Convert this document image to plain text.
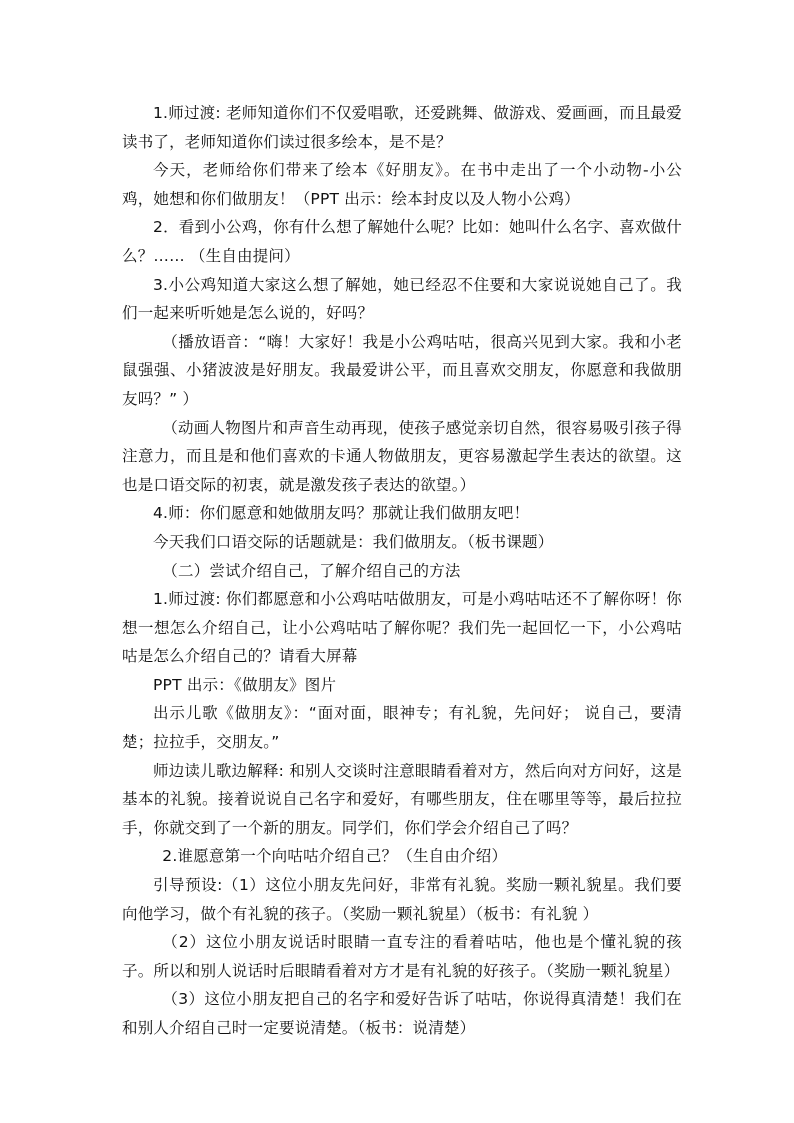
1.师过渡: 老师知道你们不仅爱唱歌，还爱跳舞、做游戏、爱画画，而且最爱读书了，老师知道你们读过很多绘本，是不是？

今天，老师给你们带来了绘本《好朋友》。在书中走出了一个小动物-小公鸡，她想和你们做朋友！（PPT 出示：绘本封皮以及人物小公鸡）

2．看到小公鸡，你有什么想了解她什么呢？比如：她叫什么名字、喜欢做什么？…… （生自由提问）

3.小公鸡知道大家这么想了解她，她已经忍不住要和大家说说她自己了。我们一起来听听她是怎么说的，好吗？

（播放语音：“嗨！大家好！我是小公鸡咕咕，很高兴见到大家。我和小老鼠强强、小猪波波是好朋友。我最爱讲公平，而且喜欢交朋友，你愿意和我做朋友吗？” ）

（动画人物图片和声音生动再现，使孩子感觉亲切自然，很容易吸引孩子得注意力，而且是和他们喜欢的卡通人物做朋友，更容易激起学生表达的欲望。这也是口语交际的初衷，就是激发孩子表达的欲望。）

4.师：你们愿意和她做朋友吗？那就让我们做朋友吧！

今天我们口语交际的话题就是：我们做朋友。（板书课题）

（二）尝试介绍自己，了解介绍自己的方法

1.师过渡: 你们都愿意和小公鸡咕咕做朋友，可是小鸡咕咕还不了解你呀！你想一想怎么介绍自己，让小公鸡咕咕了解你呢？我们先一起回忆一下，小公鸡咕咕是怎么介绍自己的？请看大屏幕

PPT 出示：《做朋友》图片

出示儿歌《做朋友》：“面对面，眼神专；有礼貌，先问好； 说自己，要清楚；拉拉手，交朋友。”

师边读儿歌边解释: 和别人交谈时注意眼睛看着对方，然后向对方问好，这是基本的礼貌。接着说说自己名字和爱好，有哪些朋友，住在哪里等等，最后拉拉手，你就交到了一个新的朋友。同学们，你们学会介绍自己了吗？

2.谁愿意第一个向咕咕介绍自己？（生自由介绍）

引导预设:（1）这位小朋友先问好，非常有礼貌。奖励一颗礼貌星。我们要向他学习，做个有礼貌的孩子。（奖励一颗礼貌星）（板书：有礼貌 ）

（2）这位小朋友说话时眼睛一直专注的看着咕咕，他也是个懂礼貌的孩子。所以和别人说话时后眼睛看着对方才是有礼貌的好孩子。（奖励一颗礼貌星）

（3）这位小朋友把自己的名字和爱好告诉了咕咕，你说得真清楚！我们在和别人介绍自己时一定要说清楚。（板书：说清楚）
